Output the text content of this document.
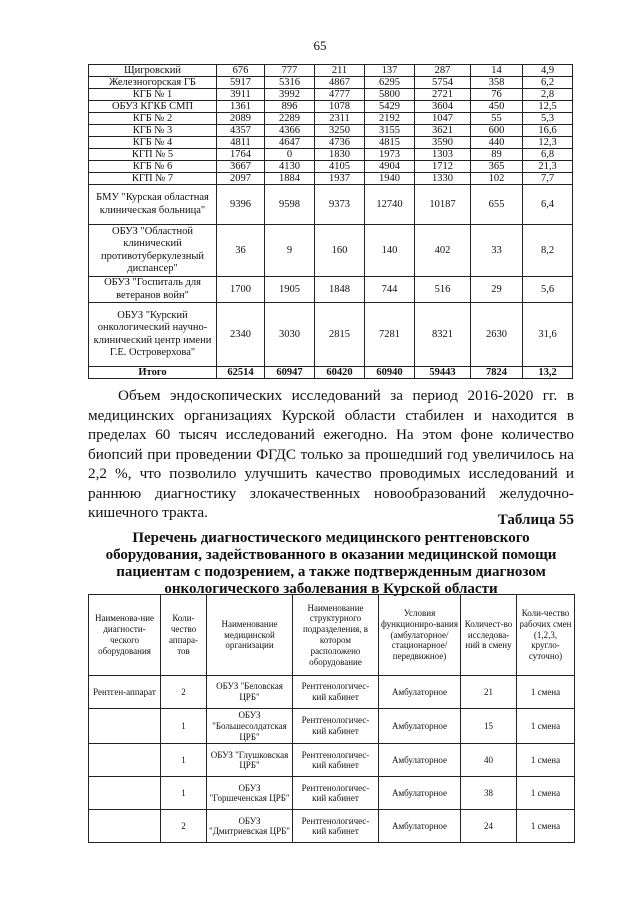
65
Щигровский	676	777	211	137	287	14	4,9
Железногорская ГБ	5917	5316	4867	6295	5754	358	6,2
КГБ № 1	3911	3992	4777	5800	2721	76	2,8
ОБУЗ КГКБ СМП	1361	896	1078	5429	3604	450	12,5
КГБ № 2	2089	2289	2311	2192	1047	55	5,3
КГБ № 3	4357	4366	3250	3155	3621	600	16,6
КГБ № 4	4811	4647	4736	4815	3590	440	12,3
КГП № 5	1764	0	1830	1973	1303	89	6,8
КГБ № 6	3667	4130	4105	4904	1712	365	21,3
КГП № 7	2097	1884	1937	1940	1330	102	7,7
БМУ "Курская областная клиническая больница"	9396	9598	9373	12740	10187	655	6,4
ОБУЗ "Областной клинический противотуберкулезный диспансер"	36	9	160	140	402	33	8,2
ОБУЗ "Госпиталь для ветеранов войн"	1700	1905	1848	744	516	29	5,6
ОБУЗ "Курский онкологический научно-клинический центр имени Г.Е. Островерхова"	2340	3030	2815	7281	8321	2630	31,6
Итого	62514	60947	60420	60940	59443	7824	13,2

Объем эндоскопических исследований за период 2016-2020 гг. в медицинских организациях Курской области стабилен и находится в пределах 60 тысяч исследований ежегодно. На этом фоне количество биопсий при проведении ФГДС только за прошедший год увеличилось на 2,2 %, что позволило улучшить качество проводимых исследований и раннюю диагностику злокачественных новообразований желудочно-кишечного тракта.	Таблица 55

Перечень диагностического медицинского рентгеновского оборудования, задействованного в оказании медицинской помощи пациентам с подозрением, а также подтвержденным диагнозом онкологического заболевания в Курской области

Наименова-ние диагности-ческого оборудования	Коли-чество аппара-тов	Наименование медицинской организации	Наименование структурного подразделения, в котором расположено оборудование	Условия функциониро-вания (амбулаторное/ стационарное/ передвижное)	Количест-во исследова-ний в смену	Коли-чество рабочих смен (1,2,3, кругло-суточно)
Рентген-аппарат	2	ОБУЗ "Беловская ЦРБ"	Рентгенологичес-кий кабинет	Амбулаторное	21	1 смена
	1	ОБУЗ "Большесолдатская ЦРБ"	Рентгенологичес-кий кабинет	Амбулаторное	15	1 смена
	1	ОБУЗ "Глушковская ЦРБ"	Рентгенологичес-кий кабинет	Амбулаторное	40	1 смена
	1	ОБУЗ "Горшеченская ЦРБ"	Рентгенологичес-кий кабинет	Амбулаторное	38	1 смена
	2	ОБУЗ "Дмитриевская ЦРБ"	Рентгенологичес-кий кабинет	Амбулаторное	24	1 смена
